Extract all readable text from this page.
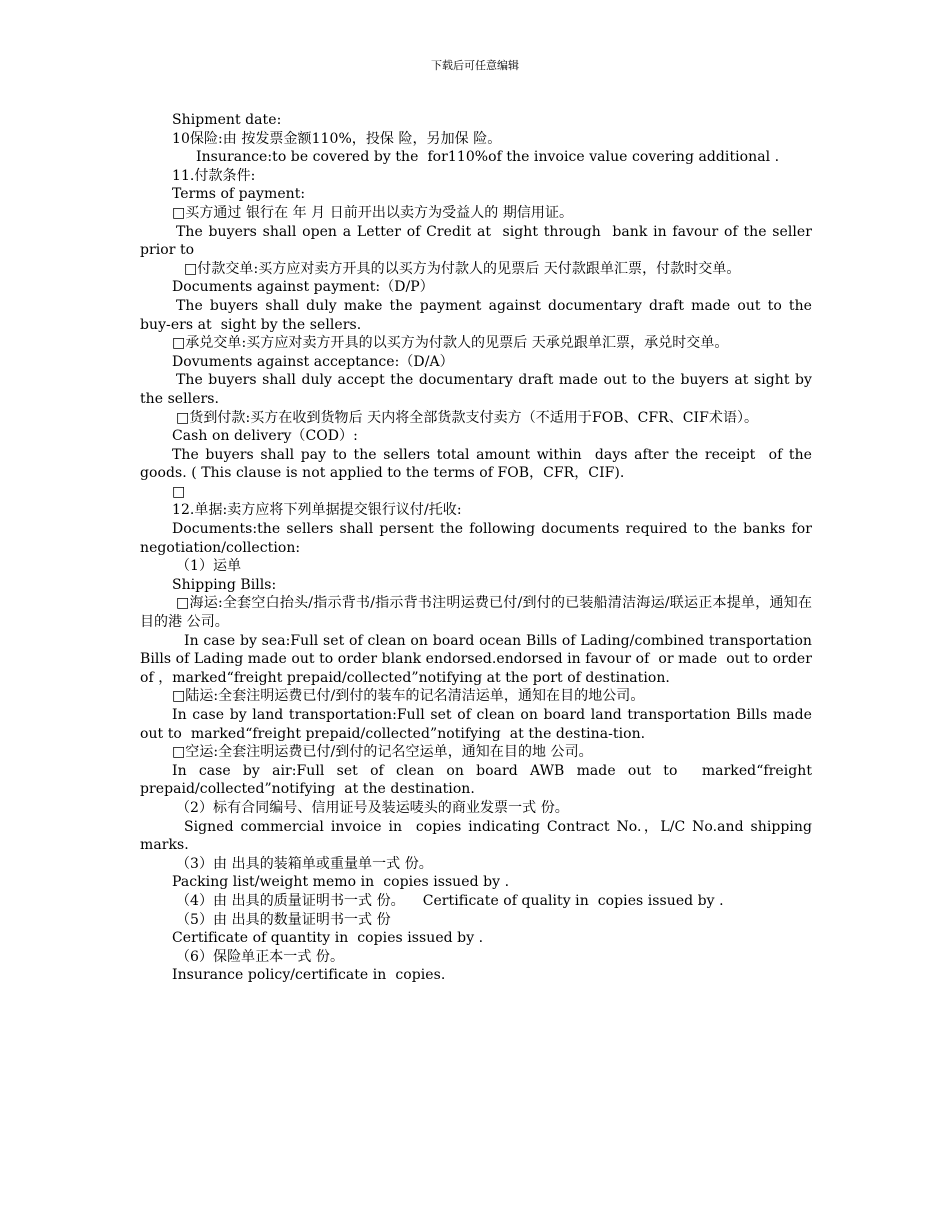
下载后可任意编辑

Shipment date:

10保险:由 按发票金额110%，投保 险，另加保 险。

Insurance:to be covered by the  for110%of the invoice value covering additional .

11.付款条件:

Terms of payment:

□买方通过 银行在 年 月 日前开出以卖方为受益人的 期信用证。

The buyers shall open a Letter of Credit at  sight through  bank in favour of the seller prior to

□付款交单:买方应对卖方开具的以买方为付款人的见票后 天付款跟单汇票，付款时交单。

Documents against payment:（D/P）

The buyers shall duly make the payment against documentary draft made out to the buy-ers at  sight by the sellers.

□承兑交单:买方应对卖方开具的以买方为付款人的见票后 天承兑跟单汇票，承兑时交单。

Dovuments against acceptance:（D/A）

The buyers shall duly accept the documentary draft made out to the buyers at sight by the sellers.

□货到付款:买方在收到货物后 天内将全部货款支付卖方（不适用于FOB、CFR、CIF术语）。

Cash on delivery（COD）:

The buyers shall pay to the sellers total amount within  days after the receipt  of the goods. ( This clause is not applied to the terms of FOB，CFR，CIF).

□

12.单据:卖方应将下列单据提交银行议付/托收:

Documents:the sellers shall persent the following documents required to the banks for negotiation/collection:

（1）运单

Shipping Bills:

□海运:全套空白抬头/指示背书/指示背书注明运费已付/到付的已装船清洁海运/联运正本提单，通知在目的港 公司。

In case by sea:Full set of clean on board ocean Bills of Lading/combined transportation  Bills of Lading made out to order blank endorsed.endorsed in favour of  or made  out to order of ，marked“freight prepaid/collected”notifying at the port of destination.

□陆运:全套注明运费已付/到付的装车的记名清洁运单，通知在目的地公司。

In case by land transportation:Full set of clean on board land transportation Bills made out to  marked“freight prepaid/collected”notifying  at the destina-tion.

□空运:全套注明运费已付/到付的记名空运单，通知在目的地 公司。

In case by air:Full set of clean on board AWB made out to  marked“freight prepaid/collected”notifying  at the destination.

（2）标有合同编号、信用证号及装运唛头的商业发票一式 份。

Signed commercial invoice in  copies indicating Contract No.，L/C No.and shipping marks.

（3）由 出具的装箱单或重量单一式 份。

Packing list/weight memo in  copies issued by .

（4）由 出具的质量证明书一式 份。    Certificate of quality in  copies issued by .

（5）由 出具的数量证明书一式 份

Certificate of quantity in  copies issued by .

（6）保险单正本一式 份。

Insurance policy/certificate in  copies.
